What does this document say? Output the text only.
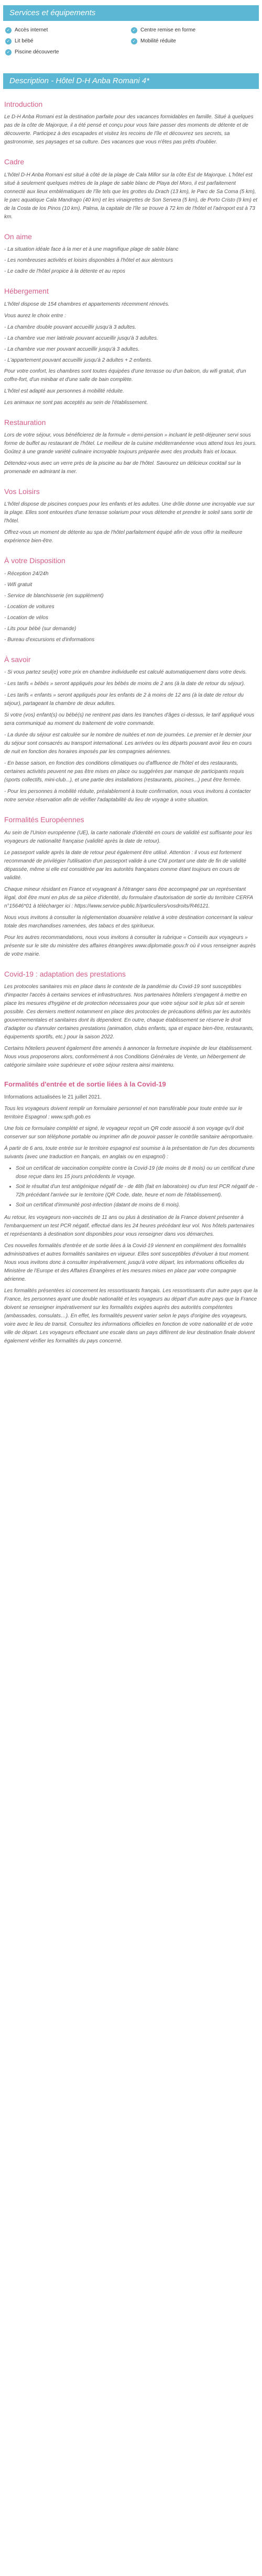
Services et équipements
✓ Accès internet	✓ Centre remise en forme
✓ Lit bébé	✓ Mobilité réduite
✓ Piscine découverte
Description - Hôtel D-H Anba Romani 4*
Introduction

Le D-H Anba Romani est la destination parfaite pour des vacances formidables en famille. Situé à quelques pas de la côte de Majorque, il a été pensé et conçu pour vous faire passer des moments de détente et de découverte. Participez à des escapades et visitez les recoins de l'île et découvrez ses secrets, sa gastronomie, ses paysages et sa culture. Des vacances que vous n'êtes pas prêts d'oublier.

Cadre

L'hôtel D-H Anba Romani est situé à côté de la plage de Cala Millor sur la côte Est de Majorque. L'hôtel est situé à seulement quelques mètres de la plage de sable blanc de Playa del Moro, il est parfaitement connecté aux lieux emblématiques de l'île tels que les grottes du Drach (13 km), le Parc de Sa Coma (5 km), le parc aquatique Cala Mandrago (40 km) et les vinaigrettes de Son Servera (5 km), de Porto Cristo (9 km) et de la Costa de los Pinos (10 km). Palma, la capitale de l'île se trouve à 72 km de l'hôtel et l'aéroport est à 73 km.

On aime
- La situation idéale face à la mer et à une magnifique plage de sable blanc
- Les nombreuses activités et loisirs disponibles à l'hôtel et aux alentours
- Le cadre de l'hôtel propice à la détente et au repos
Hébergement

L'hôtel dispose de 154 chambres et appartements récemment rénovés.

Vous aurez le choix entre :

- La chambre double pouvant accueillir jusqu'à 3 adultes.
- La chambre vue mer latérale pouvant accueillir jusqu'à 3 adultes.
- La chambre vue mer pouvant accueillir jusqu'à 3 adultes.
- L'appartement pouvant accueillir jusqu'à 2 adultes + 2 enfants.

Pour votre confort, les chambres sont toutes équipées d'une terrasse ou d'un balcon, du wifi gratuit, d'un coffre-fort, d'un minibar et d'une salle de bain complète.

L'hôtel est adapté aux personnes à mobilité réduite.

Les animaux ne sont pas acceptés au sein de l'établissement.

Restauration

Lors de votre séjour, vous bénéficierez de la formule « demi-pension » incluant le petit-déjeuner servi sous forme de buffet au restaurant de l'hôtel. Le meilleur de la cuisine méditerranéenne vous attend tous les jours. Goûtez à une grande variété culinaire incroyable toujours préparée avec des produits frais et locaux.

Détendez-vous avec un verre près de la piscine au bar de l'hôtel. Savourez un délicieux cocktail sur la promenade en admirant la mer.

Vos Loisirs

L'hôtel dispose de piscines conçues pour les enfants et les adultes. Une drôle donne une incroyable vue sur la plage. Elles sont entourées d'une terrasse solarium pour vous détendre et prendre le soleil sans sortir de l'hôtel.

Offrez-vous un moment de détente au spa de l'hôtel parfaitement équipé afin de vous offrir la meilleure expérience bien-être.

À votre Disposition
- Réception 24/24h
- Wifi gratuit
- Service de blanchisserie (en supplément)
- Location de voitures
- Location de vélos
- Lits pour bébé (sur demande)
- Bureau d'excursions et d'informations
À savoir

- Si vous partez seul(e) votre prix en chambre individuelle est calculé automatiquement dans votre devis.

- Les tarifs « bébés » seront appliqués pour les bébés de moins de 2 ans (à la date de retour du séjour).

- Les tarifs « enfants » seront appliqués pour les enfants de 2 à moins de 12 ans (à la date de retour du séjour), partageant la chambre de deux adultes.

Si votre (vos) enfant(s) ou bébé(s) ne rentrent pas dans les tranches d'âges ci-dessus, le tarif appliqué vous sera communiqué au moment du traitement de votre commande.

- La durée du séjour est calculée sur le nombre de nuitées et non de journées. Le premier et le dernier jour du séjour sont consacrés au transport international. Les arrivées ou les départs pouvant avoir lieu en cours de nuit en fonction des horaires imposés par les compagnies aériennes.

- En basse saison, en fonction des conditions climatiques ou d'affluence de l'hôtel et des restaurants, certaines activités peuvent ne pas être mises en place ou suggérées par manque de participants requis (sports collectifs, mini-club...), et une partie des installations (restaurants, piscines...) peut être fermée.

- Pour les personnes à mobilité réduite, préalablement à toute confirmation, nous vous invitons à contacter notre service réservation afin de vérifier l'adaptabilité du lieu de voyage à votre situation.

Formalités Européennes

Au sein de l'Union européenne (UE), la carte nationale d'identité en cours de validité est suffisante pour les voyageurs de nationalité française (validité après la date de retour).

Le passeport valide après la date de retour peut également être utilisé. Attention : il vous est fortement recommandé de privilégier l'utilisation d'un passeport valide à une CNI portant une date de fin de validité dépassée, même si elle est considérée par les autorités françaises comme étant toujours en cours de validité.

Chaque mineur résidant en France et voyageant à l'étranger sans être accompagné par un représentant légal, doit être muni en plus de sa pièce d'identité, du formulaire d'autorisation de sortie du territoire CERFA n°15646*01 à télécharger ici : https://www.service-public.fr/particuliers/vosdroits/R46121.

Nous vous invitons à consulter la réglementation douanière relative à votre destination concernant la valeur totale des marchandises ramenées, des tabacs et des spiritueux.

Pour les autres recommandations, nous vous invitons à consulter la rubrique « Conseils aux voyageurs » présente sur le site du ministère des affaires étrangères www.diplomatie.gouv.fr où il vous renseigner auprès de votre mairie.

Covid-19 : adaptation des prestations

Les protocoles sanitaires mis en place dans le contexte de la pandémie du Covid-19 sont susceptibles d'impacter l'accès à certains services et infrastructures. Nos partenaires hôteliers s'engagent à mettre en place les mesures d'hygiène et de protection nécessaires pour que votre séjour soit le plus sûr et serein possible. Ces derniers mettent notamment en place des protocoles de précautions définis par les autorités gouvernementales et sanitaires dont ils dépendent. En outre, chaque établissement se réserve le droit d'adapter ou d'annuler certaines prestations (animation, clubs enfants, spa et espace bien-être, restaurants, équipements sportifs, etc.) pour la saison 2022.

Certains hôteliers peuvent également être amenés à annoncer la fermeture inopinée de leur établissement. Nous vous proposerons alors, conformément à nos Conditions Générales de Vente, un hébergement de catégorie similaire voire supérieure et votre séjour restera ainsi maintenu.

Formalités d'entrée et de sortie liées à la Covid-19

Informations actualisées le 21 juillet 2021.

Tous les voyageurs doivent remplir un formulaire personnel et non transférable pour toute entrée sur le territoire Espagnol : www.spth.gob.es

Une fois ce formulaire complété et signé, le voyageur reçoit un QR code associé à son voyage qu'il doit conserver sur son téléphone portable ou imprimer afin de pouvoir passer le contrôle sanitaire aéroportuaire.

À partir de 6 ans, toute entrée sur le territoire espagnol est soumise à la présentation de l'un des documents suivants (avec une traduction en français, en anglais ou en espagnol) :

• Soit un certificat de vaccination complète contre la Covid-19 (de moins de 8 mois) ou un certificat d'une dose reçue dans les 15 jours précédents le voyage.
• Soit le résultat d'un test antigénique négatif de - de 48h (fait en laboratoire) ou d'un test PCR négatif de - 72h précédant l'arrivée sur le territoire (QR Code, date, heure et nom de l'établissement).
• Soit un certificat d'immunité post-infection (datant de moins de 6 mois).

Au retour, les voyageurs non-vaccinés de 11 ans ou plus à destination de la France doivent présenter à l'embarquement un test PCR négatif, effectué dans les 24 heures précédant leur vol. Nos hôtels partenaires et représentants à destination sont disponibles pour vous renseigner dans vos démarches.

Ces nouvelles formalités d'entrée et de sortie liées à la Covid-19 viennent en complément des formalités administratives et autres formalités sanitaires en vigueur. Elles sont susceptibles d'évoluer à tout moment. Nous vous invitons donc à consulter impérativement, jusqu'à votre départ, les informations officielles du Ministère de l'Europe et des Affaires Étrangères et les mesures mises en place par votre compagnie aérienne.

Les formalités présentées ici concernent les ressortissants français. Les ressortissants d'un autre pays que la France, les personnes ayant une double nationalité et les voyageurs au départ d'un autre pays que la France doivent se renseigner impérativement sur les formalités exigées auprès des autorités compétentes (ambassades, consulats…). En effet, les formalités peuvent varier selon le pays d'origine des voyageurs, voire avec le lieu de transit. Consultez les informations officielles en fonction de votre nationalité et de votre ville de départ. Les voyageurs effectuant une escale dans un pays différent de leur destination finale doivent également vérifier les formalités du pays concerné.
